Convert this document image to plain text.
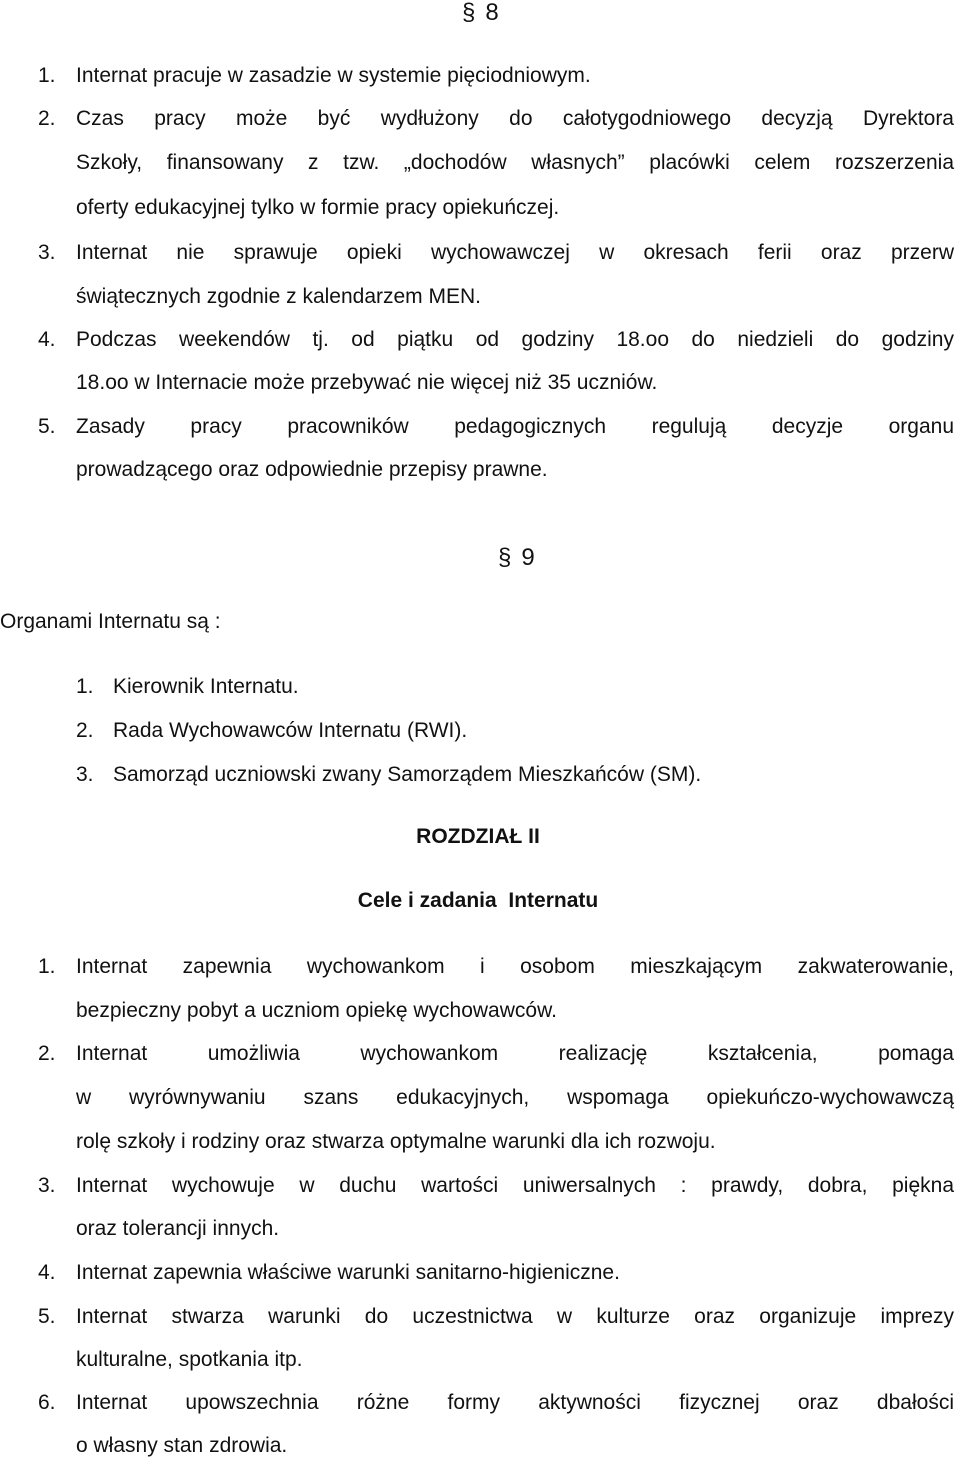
§ 8
1. Internat pracuje w zasadzie w systemie pięciodniowym.
2. Czas pracy może być wydłużony do całotygodniowego decyzją Dyrektora
Szkoły, finansowany z tzw. „dochodów własnych” placówki celem rozszerzenia
oferty edukacyjnej tylko w formie pracy opiekuńczej.
3. Internat nie sprawuje opieki wychowawczej w okresach ferii oraz przerw
świątecznych zgodnie z kalendarzem MEN.
4. Podczas weekendów tj. od piątku od godziny 18.oo do niedzieli do godziny
18.oo w Internacie może przebywać nie więcej niż 35 uczniów.
5. Zasady pracy pracowników pedagogicznych regulują decyzje organu
prowadzącego oraz odpowiednie przepisy prawne.
§ 9
Organami Internatu są :
1. Kierownik Internatu.
2. Rada Wychowawców Internatu (RWI).
3. Samorząd uczniowski zwany Samorządem Mieszkańców (SM).
ROZDZIAŁ II
Cele i zadania  Internatu
1. Internat zapewnia wychowankom i osobom mieszkającym zakwaterowanie,
bezpieczny pobyt a uczniom opiekę wychowawców.
2. Internat umożliwia wychowankom realizację kształcenia, pomaga
w wyrównywaniu szans edukacyjnych, wspomaga opiekuńczo-wychowawczą
rolę szkoły i rodziny oraz stwarza optymalne warunki dla ich rozwoju.
3. Internat wychowuje w duchu wartości uniwersalnych : prawdy, dobra, piękna
oraz tolerancji innych.
4. Internat zapewnia właściwe warunki sanitarno-higieniczne.
5. Internat stwarza warunki do uczestnictwa w kulturze oraz organizuje imprezy
kulturalne, spotkania itp.
6. Internat upowszechnia różne formy aktywności fizycznej oraz dbałości
o własny stan zdrowia.
